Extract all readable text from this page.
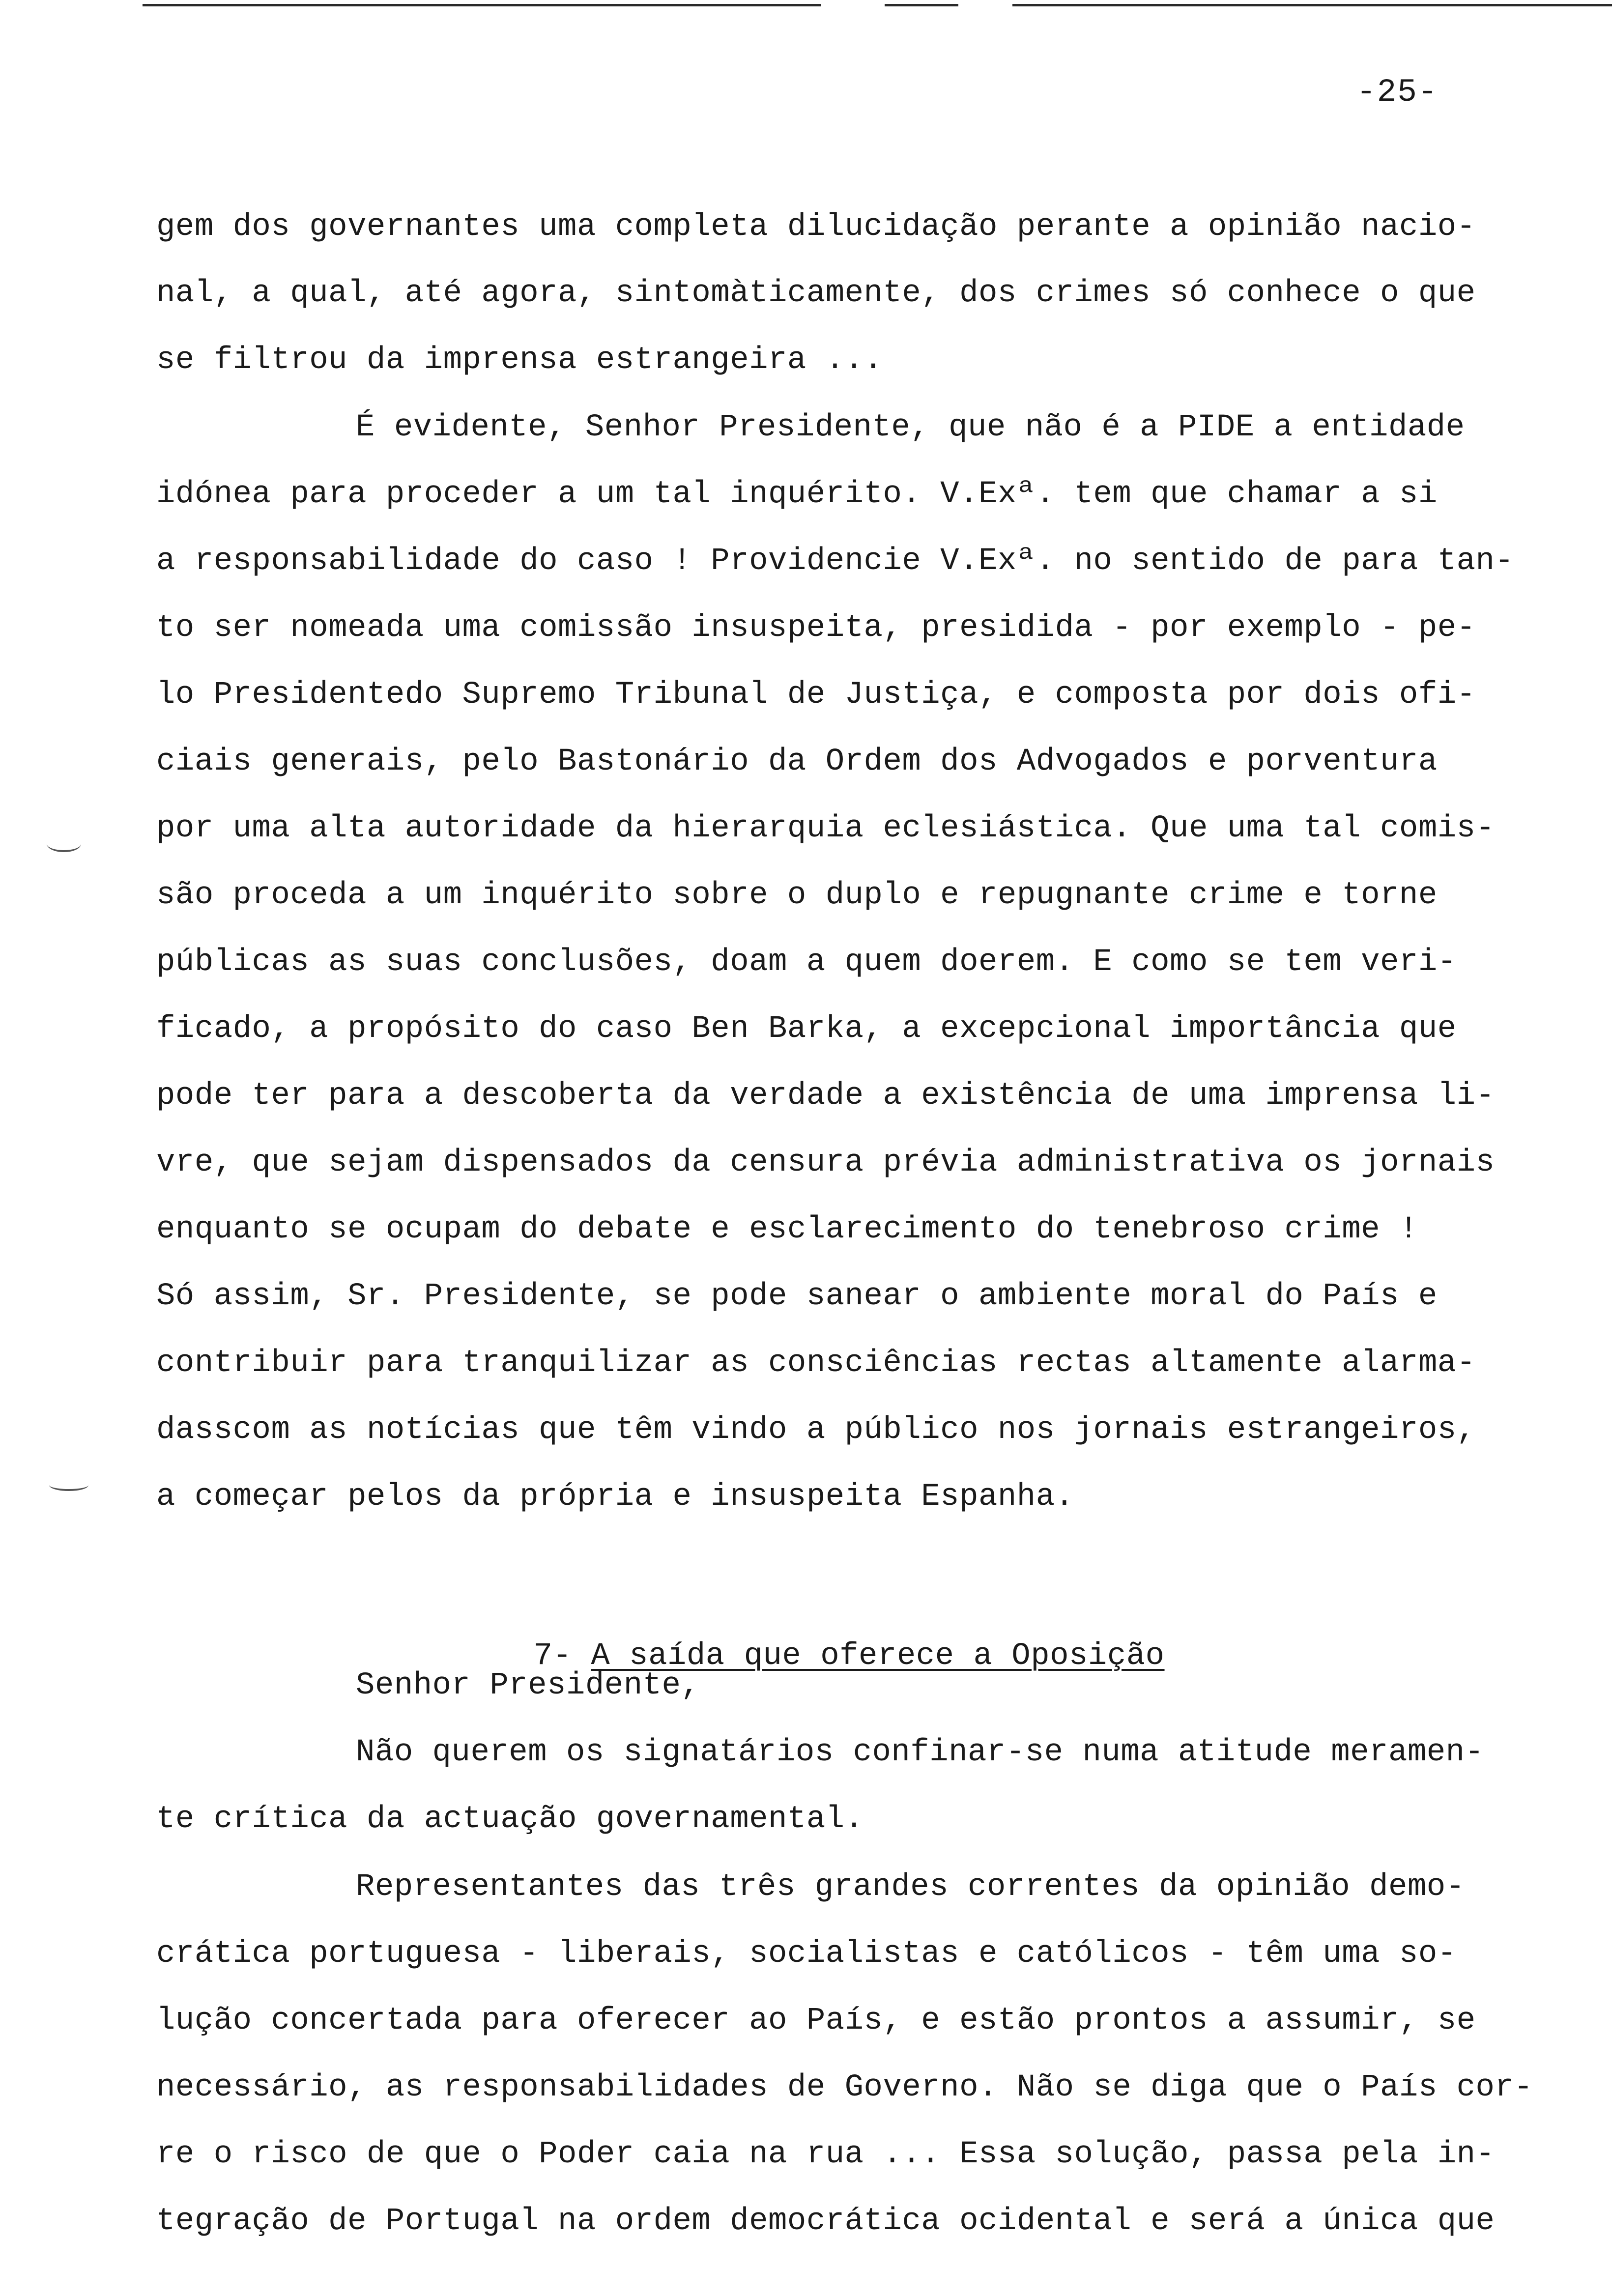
-25-
gem dos governantes uma completa dilucidação perante a opinião nacio-
nal, a qual, até agora, sintomàticamente, dos crimes só conhece o que
se filtrou da imprensa estrangeira ...
É evidente, Senhor Presidente, que não é a PIDE a entidade
idónea para proceder a um tal inquérito. V.Exª. tem que chamar a si
a responsabilidade do caso ! Providencie V.Exª. no sentido de para tan-
to ser nomeada uma comissão insuspeita, presidida - por exemplo - pe-
lo Presidentedo Supremo Tribunal de Justiça, e composta por dois ofi-
ciais generais, pelo Bastonário da Ordem dos Advogados e porventura
por uma alta autoridade da hierarquia eclesiástica. Que uma tal comis-
são proceda a um inquérito sobre o duplo e repugnante crime e torne
públicas as suas conclusões, doam a quem doerem. E como se tem veri-
ficado, a propósito do caso Ben Barka, a excepcional importância que
pode ter para a descoberta da verdade a existência de uma imprensa li-
vre, que sejam dispensados da censura prévia administrativa os jornais
enquanto se ocupam do debate e esclarecimento do tenebroso crime !
Só assim, Sr. Presidente, se pode sanear o ambiente moral do País e
contribuir para tranquilizar as consciências rectas altamente alarma-
dasscom as notícias que têm vindo a público nos jornais estrangeiros,
a começar pelos da própria e insuspeita Espanha.

7- A saída que oferece a Oposição

Senhor Presidente,
Não querem os signatários confinar-se numa atitude meramen-
te crítica da actuação governamental.
Representantes das três grandes correntes da opinião demo-
crática portuguesa - liberais, socialistas e católicos - têm uma so-
lução concertada para oferecer ao País, e estão prontos a assumir, se
necessário, as responsabilidades de Governo. Não se diga que o País cor-
re o risco de que o Poder caia na rua ... Essa solução, passa pela in-
tegração de Portugal na ordem democrática ocidental e será a única que
